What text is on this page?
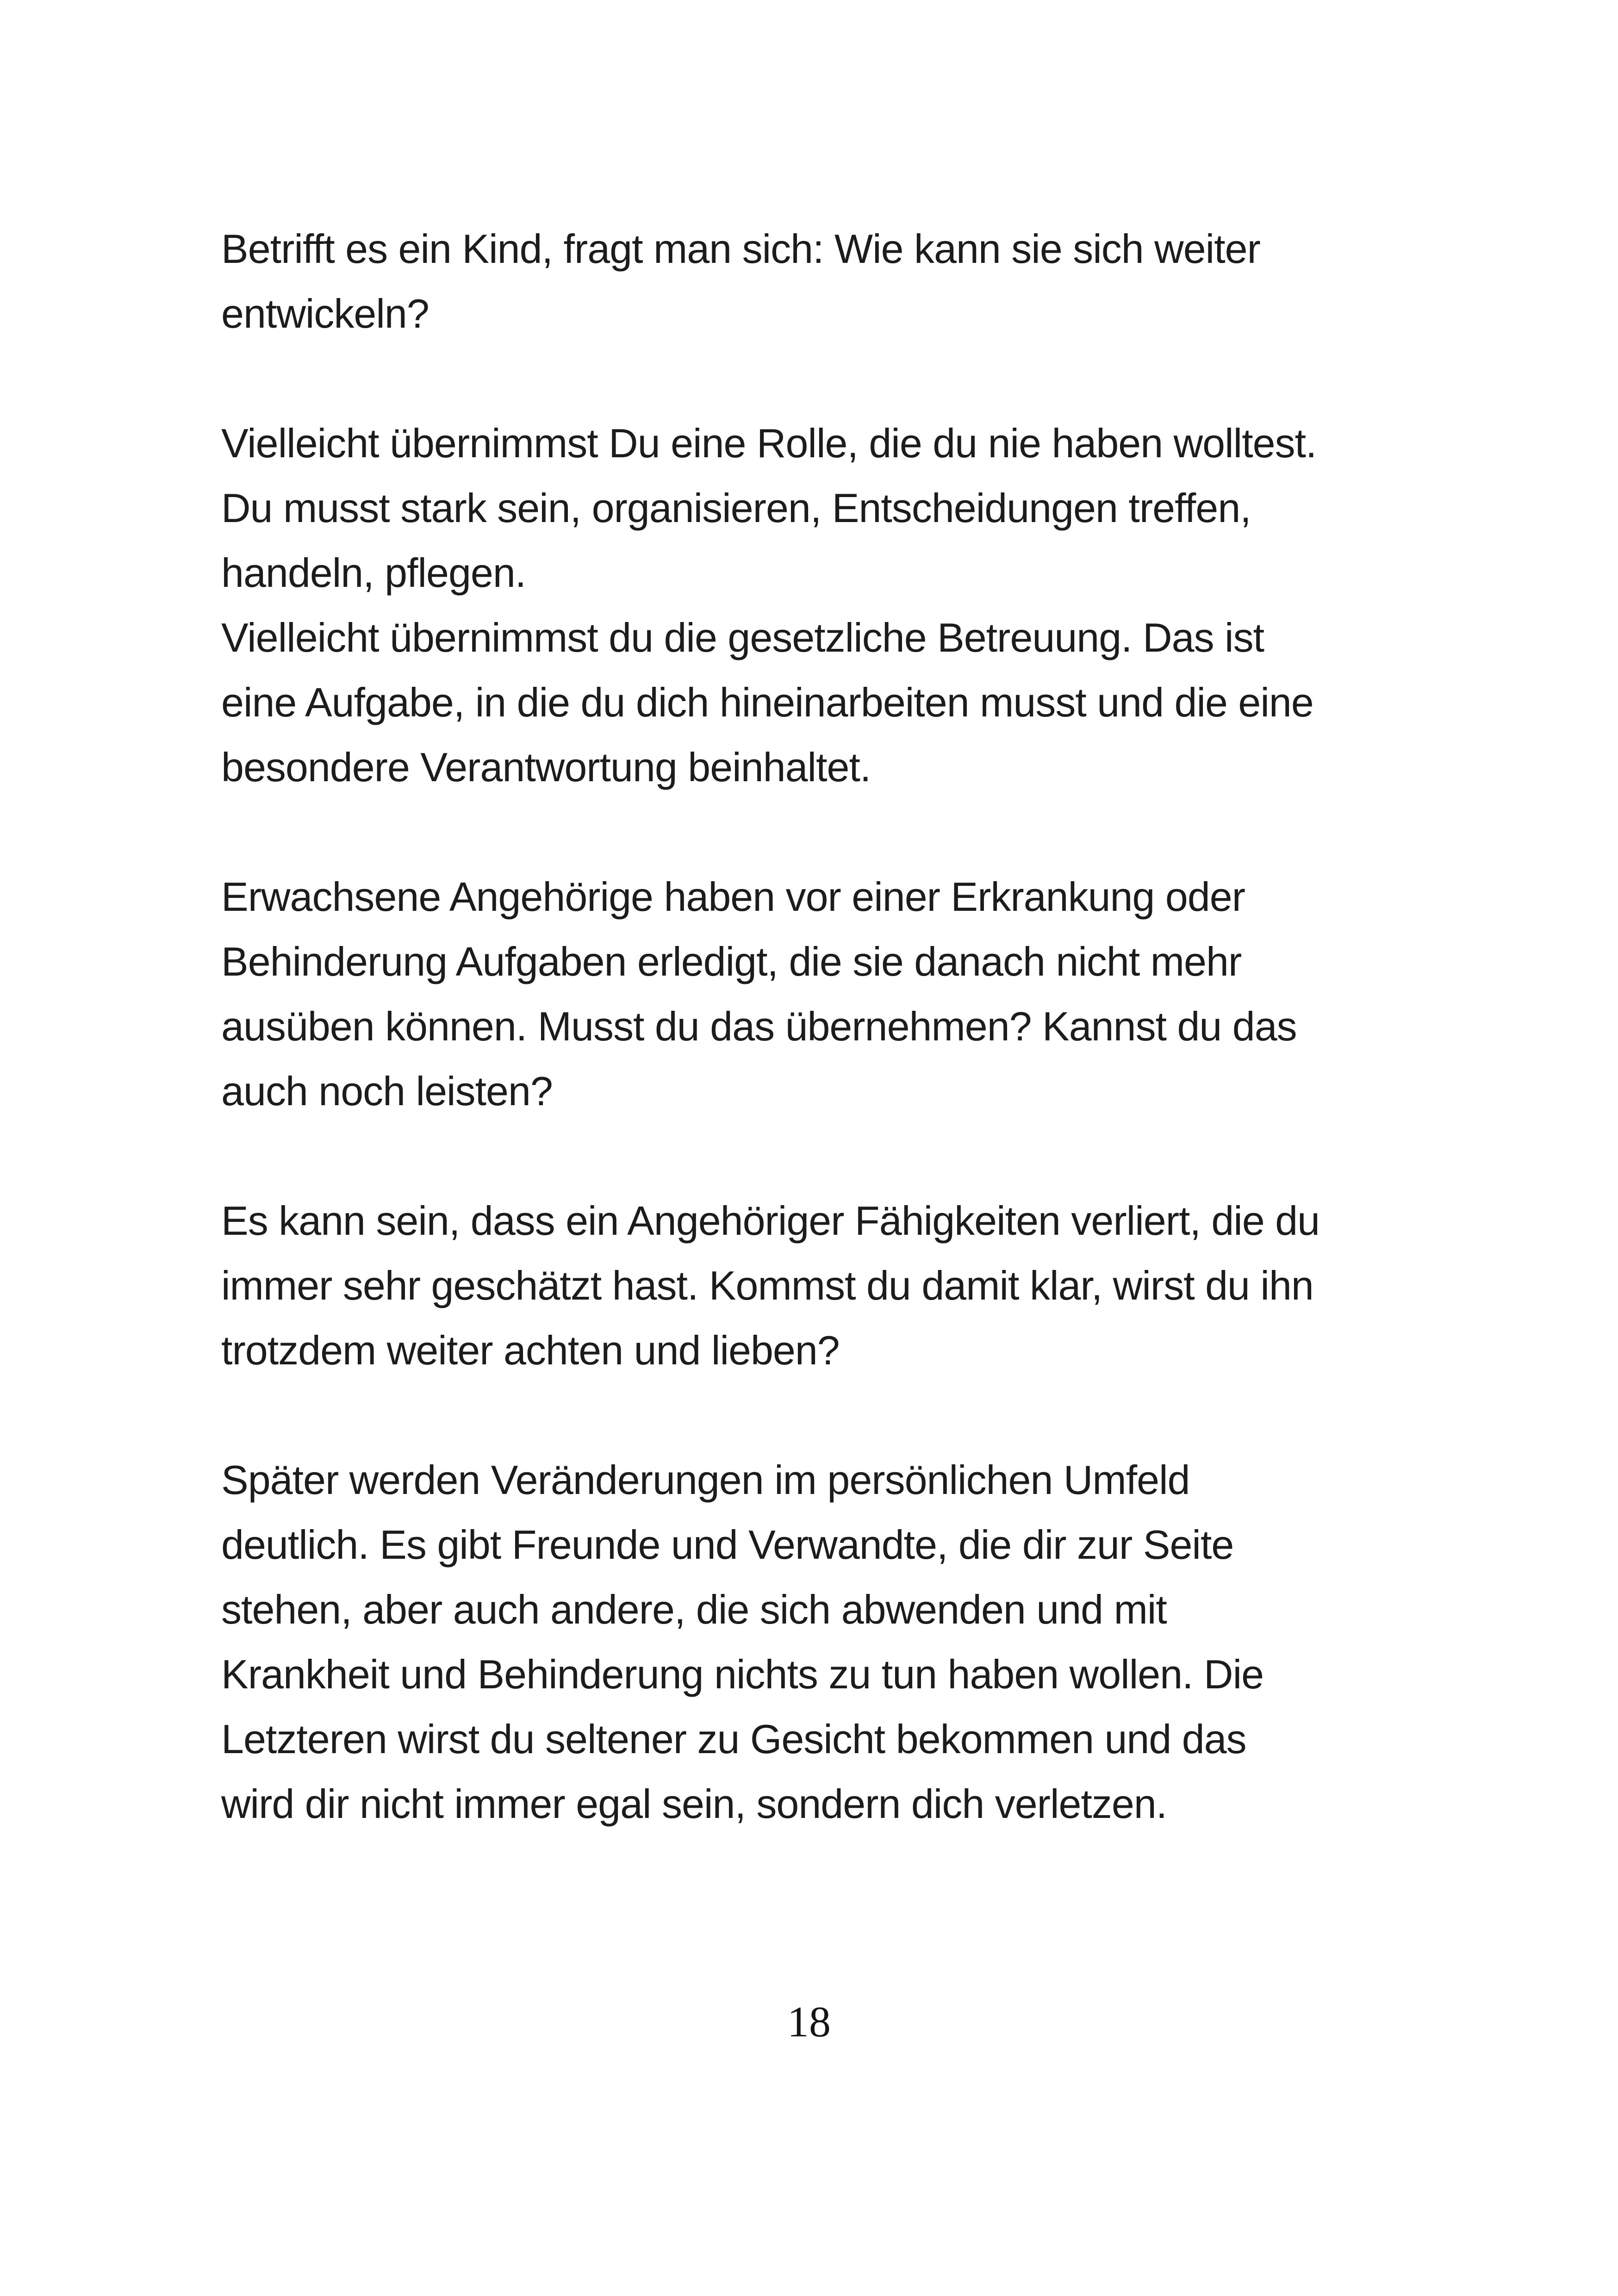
Betrifft es ein Kind, fragt man sich: Wie kann sie sich weiter
entwickeln?

Vielleicht übernimmst Du eine Rolle, die du nie haben wolltest.
Du musst stark sein, organisieren, Entscheidungen treffen,
handeln, pflegen.
Vielleicht übernimmst du die gesetzliche Betreuung. Das ist
eine Aufgabe, in die du dich hineinarbeiten musst und die eine
besondere Verantwortung beinhaltet.

Erwachsene Angehörige haben vor einer Erkrankung oder
Behinderung Aufgaben erledigt, die sie danach nicht mehr
ausüben können. Musst du das übernehmen? Kannst du das
auch noch leisten?

Es kann sein, dass ein Angehöriger Fähigkeiten verliert, die du
immer sehr geschätzt hast. Kommst du damit klar, wirst du ihn
trotzdem weiter achten und lieben?

Später werden Veränderungen im persönlichen Umfeld
deutlich. Es gibt Freunde und Verwandte, die dir zur Seite
stehen, aber auch andere, die sich abwenden und mit
Krankheit und Behinderung nichts zu tun haben wollen. Die
Letzteren wirst du seltener zu Gesicht bekommen und das
wird dir nicht immer egal sein, sondern dich verletzen.

18
